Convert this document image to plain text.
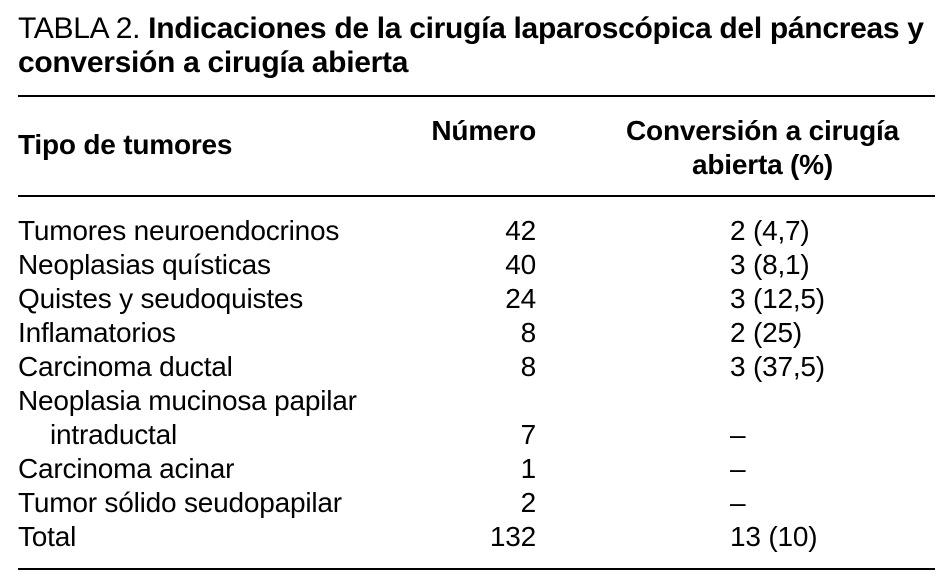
TABLA 2. Indicaciones de la cirugía laparoscópica del páncreas y conversión a cirugía abierta
Tipo de tumores	Número	Conversión a cirugía
abierta (%)
Tumores neuroendocrinos	42	2 (4,7)
Neoplasias quísticas	40	3 (8,1)
Quistes y seudoquistes	24	3 (12,5)
Inflamatorios	8	2 (25)
Carcinoma ductal	8	3 (37,5)
Neoplasia mucinosa papilar
intraductal	7	–
Carcinoma acinar	1	–
Tumor sólido seudopapilar	2	–
Total	132	13 (10)
